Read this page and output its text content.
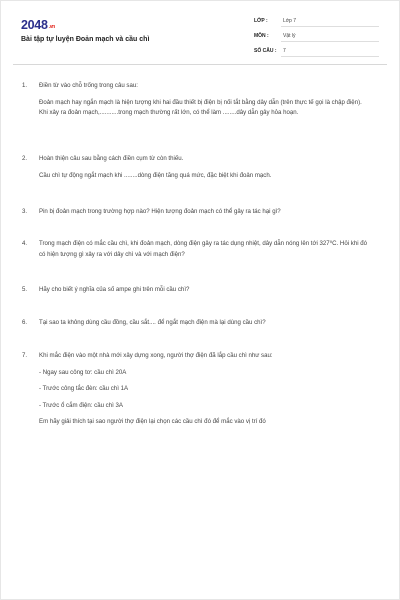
2048.vn
Bài tập tự luyện Đoản mạch và cầu chì
LỚP :	Lớp 7
MÔN :	Vật lý
SỐ CÂU : 7
1. Điền từ vào chỗ trống trong câu sau:
Đoản mạch hay ngắn mạch là hiện tượng khi hai đầu thiết bị điện bị nối tắt bằng dây dẫn (trên thực tế gọi là chập điện). Khi xảy ra đoản mạch,...........trong mạch thường rất lớn, có thể làm ........dây dẫn gây hỏa hoạn.
2. Hoàn thiện câu sau bằng cách điền cụm từ còn thiếu.
Cầu chì tự động ngắt mạch khi ........dòng điện tăng quá mức, đặc biệt khi đoản mạch.
3. Pin bị đoản mạch trong trường hợp nào? Hiện tượng đoản mạch có thể gây ra tác hại gì?
4. Trong mạch điện có mắc cầu chì, khi đoản mạch, dòng điện gây ra tác dụng nhiệt, dây dẫn nóng lên tới 327⁰C. Hỏi khi đó có hiện tượng gì xảy ra với dây chì và với mạch điện?
5. Hãy cho biết ý nghĩa của số ampe ghi trên mỗi cầu chì?
6. Tại sao ta không dùng cầu đồng, cầu sắt.... để ngắt mạch điện mà lại dùng cầu chì?
7. Khi mắc điện vào một nhà mới xây dựng xong, người thợ điện đã lắp cầu chì như sau:
- Ngay sau công tơ: cầu chì 20A
- Trước công tắc đèn: cầu chì 1A
- Trước ổ cắm điện: cầu chì 3A
Em hãy giải thích tại sao người thợ điện lại chọn các cầu chì đó để mắc vào vị trí đó
